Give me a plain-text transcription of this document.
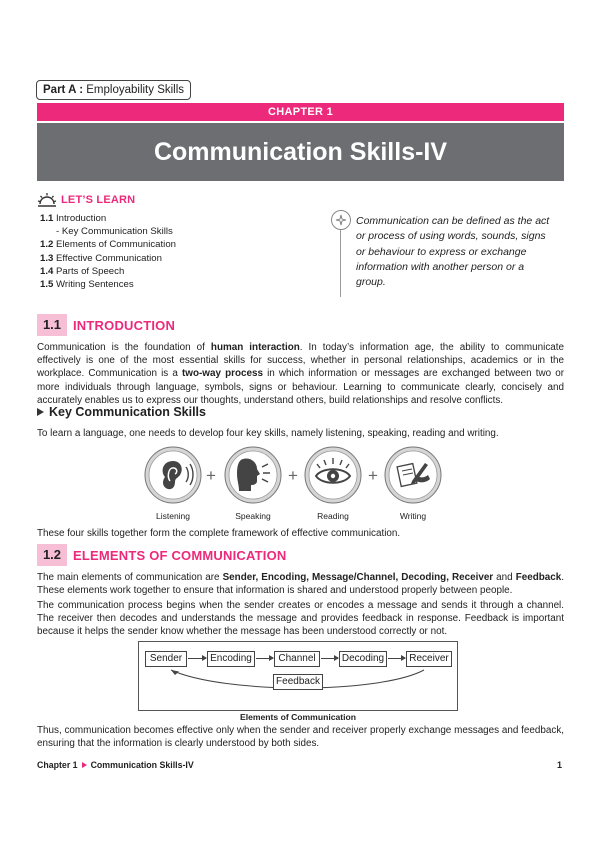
Part A : Employability Skills
CHAPTER 1
Communication Skills-IV
LET’S LEARN
1.1 Introduction
- Key Communication Skills
1.2 Elements of Communication
1.3 Effective Communication
1.4 Parts of Speech
1.5 Writing Sentences
Communication can be defined as the act or process of using words, sounds, signs or behaviour to express or exchange information with another person or a group.
1.1 INTRODUCTION
Communication is the foundation of human interaction. In today’s information age, the ability to communicate effectively is one of the most essential skills for success, whether in personal relationships, academics or in the workplace. Communication is a two-way process in which information or messages are exchanged between two or more individuals through language, symbols, signs or behaviour. Learning to communicate clearly, concisely and accurately enables us to express our thoughts, understand others, build relationships and resolve conflicts.
Key Communication Skills
To learn a language, one needs to develop four key skills, namely listening, speaking, reading and writing.
Listening
+
Speaking
+
Reading
+
Writing
These four skills together form the complete framework of effective communication.
1.2 ELEMENTS OF COMMUNICATION
The main elements of communication are Sender, Encoding, Message/Channel, Decoding, Receiver and Feedback. These elements work together to ensure that information is shared and understood properly between people.
The communication process begins when the sender creates or encodes a message and sends it through a channel. The receiver then decodes and understands the message and provides feedback in response. Feedback is important because it helps the sender know whether the message has been understood correctly or not.
Sender	Encoding	Channel	Decoding	Receiver
Feedback
Elements of Communication
Thus, communication becomes effective only when the sender and receiver properly exchange messages and feedback, ensuring that the information is clearly understood by both sides.
Chapter 1 Communication Skills-IV	1
